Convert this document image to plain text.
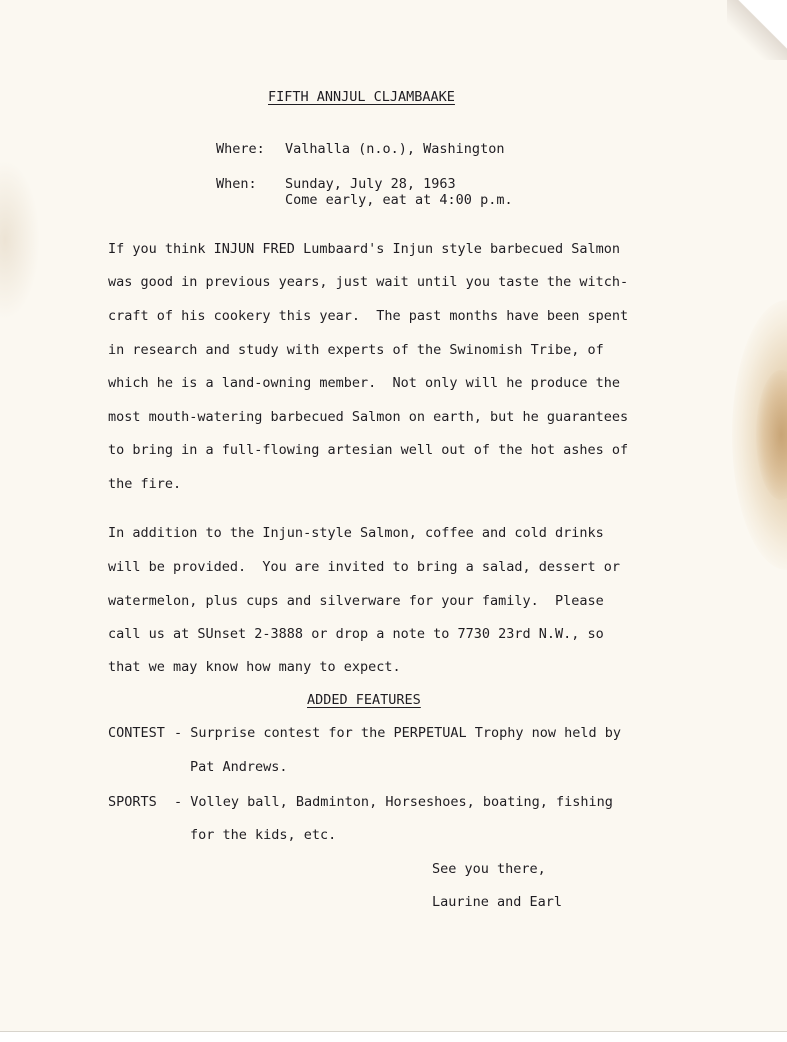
FIFTH ANNJUL CLJAMBAAKE
Where: Valhalla (n.o.), Washington
When: Sunday, July 28, 1963
Come early, eat at 4:00 p.m.
If you think INJUN FRED Lumbaard's Injun style barbecued Salmon
was good in previous years, just wait until you taste the witch-
craft of his cookery this year.  The past months have been spent
in research and study with experts of the Swinomish Tribe, of
which he is a land-owning member.  Not only will he produce the
most mouth-watering barbecued Salmon on earth, but he guarantees
to bring in a full-flowing artesian well out of the hot ashes of
the fire.
In addition to the Injun-style Salmon, coffee and cold drinks
will be provided.  You are invited to bring a salad, dessert or
watermelon, plus cups and silverware for your family.  Please
call us at SUnset 2-3888 or drop a note to 7730 23rd N.W., so
that we may know how many to expect.
ADDED FEATURES
CONTEST - Surprise contest for the PERPETUAL Trophy now held by
Pat Andrews.
SPORTS - Volley ball, Badminton, Horseshoes, boating, fishing
for the kids, etc.
See you there,
Laurine and Earl
